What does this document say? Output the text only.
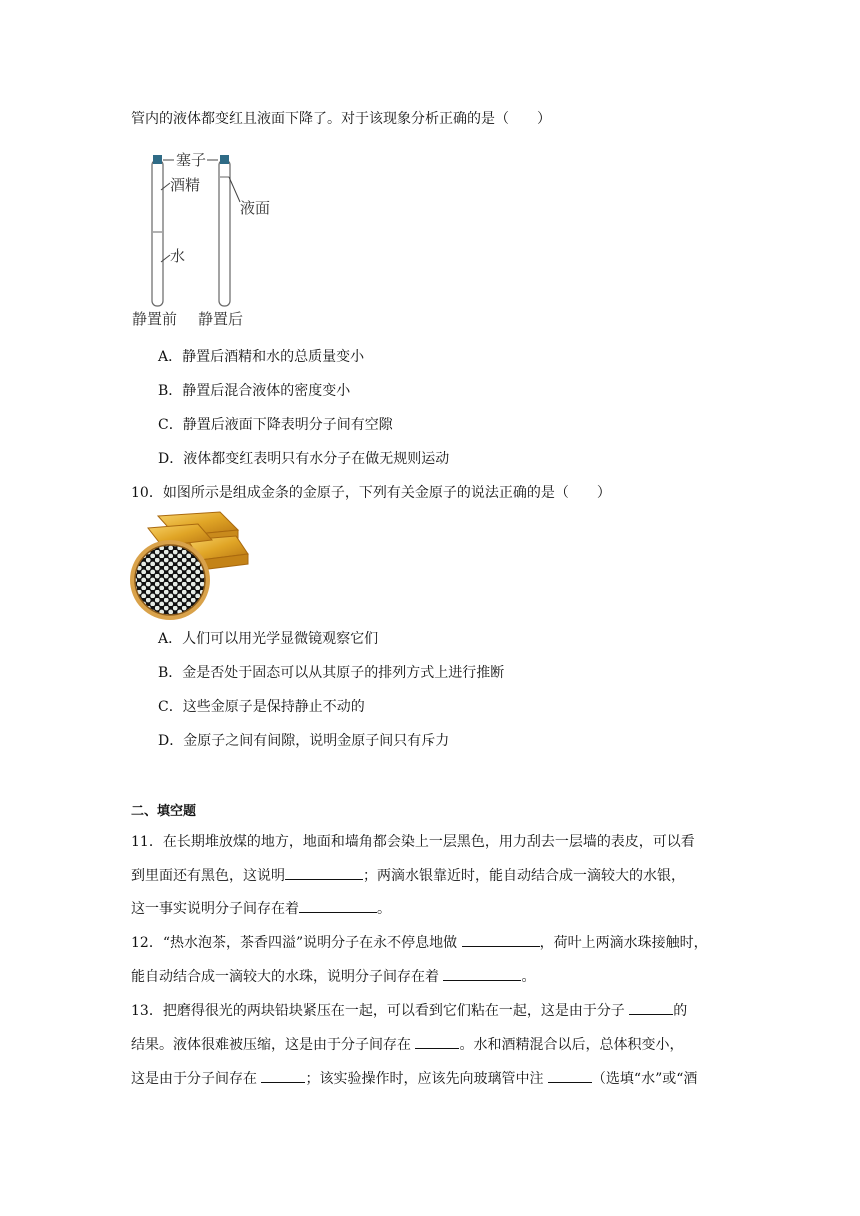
管内的液体都变红且液面下降了。对于该现象分析正确的是（　　）
塞子
酒精
水
液面
静置前 静置后
A．静置后酒精和水的总质量变小
B．静置后混合液体的密度变小
C．静置后液面下降表明分子间有空隙
D．液体都变红表明只有水分子在做无规则运动
10．如图所示是组成金条的金原子，下列有关金原子的说法正确的是（　　）
A．人们可以用光学显微镜观察它们
B．金是否处于固态可以从其原子的排列方式上进行推断
C．这些金原子是保持静止不动的
D．金原子之间有间隙，说明金原子间只有斥力
二、填空题
11．在长期堆放煤的地方，地面和墙角都会染上一层黑色，用力刮去一层墙的表皮，可以看
到里面还有黑色，这说明	；两滴水银靠近时，能自动结合成一滴较大的水银，
这一事实说明分子间存在着	。
12．“热水泡茶，茶香四溢”说明分子在永不停息地做	，荷叶上两滴水珠接触时，
能自动结合成一滴较大的水珠，说明分子间存在着	。
13．把磨得很光的两块铅块紧压在一起，可以看到它们粘在一起，这是由于分子	的
结果。液体很难被压缩，这是由于分子间存在	。水和酒精混合以后，总体积变小，
这是由于分子间存在	；该实验操作时，应该先向玻璃管中注	（选填“水”或“酒
